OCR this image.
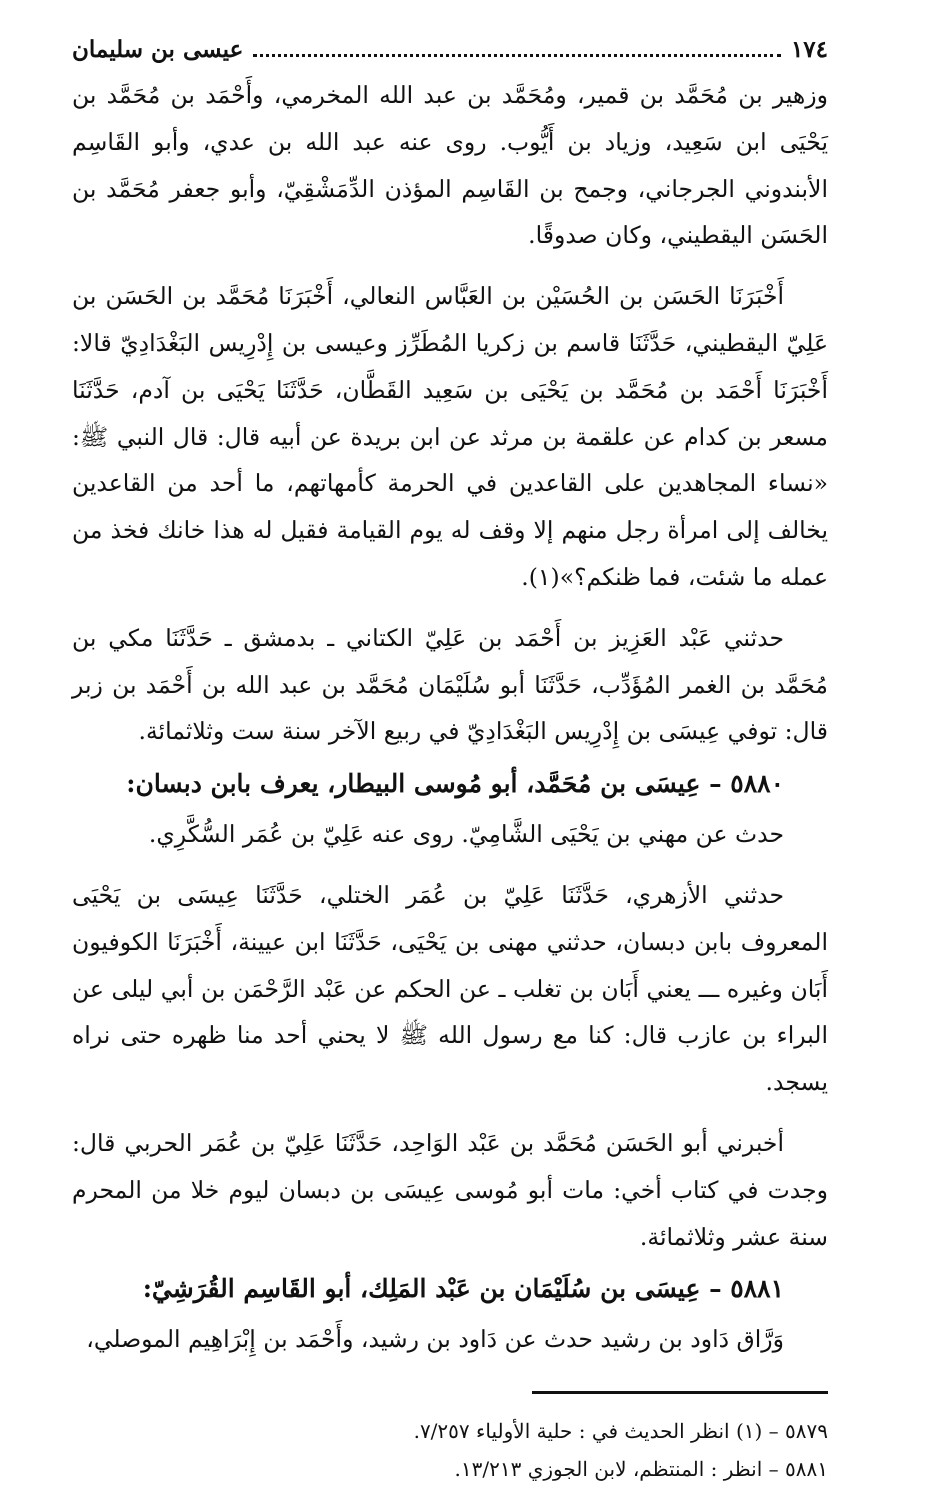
١٧٤
عيسى بن سليمان

وزهير بن مُحَمَّد بن قمير، ومُحَمَّد بن عبد الله المخرمي، وأَحْمَد بن مُحَمَّد بن يَحْيَى ابن سَعِيد، وزياد بن أَيُّوب. روى عنه عبد الله بن عدي، وأبو القَاسِم الأبندوني الجرجاني، وجمح بن القَاسِم المؤذن الدِّمَشْقِيّ، وأبو جعفر مُحَمَّد بن الحَسَن اليقطيني، وكان صدوقًا.

أَخْبَرَنَا الحَسَن بن الحُسَيْن بن العَبَّاس النعالي، أَخْبَرَنَا مُحَمَّد بن الحَسَن بن عَلِيّ اليقطيني، حَدَّثَنَا قاسم بن زكريا المُطَرِّز وعيسى بن إِدْرِيس البَغْدَادِيّ قالا: أَخْبَرَنَا أَحْمَد بن مُحَمَّد بن يَحْيَى بن سَعِيد القَطَّان، حَدَّثَنَا يَحْيَى بن آدم، حَدَّثَنَا مسعر بن كدام عن علقمة بن مرثد عن ابن بريدة عن أبيه قال: قال النبي ﷺ: «نساء المجاهدين على القاعدين في الحرمة كأمهاتهم، ما أحد من القاعدين يخالف إلى امرأة رجل منهم إلا وقف له يوم القيامة فقيل له هذا خانك فخذ من عمله ما شئت، فما ظنكم؟»(١).

حدثني عَبْد العَزِيز بن أَحْمَد بن عَلِيّ الكتاني ـ بدمشق ـ حَدَّثَنَا مكي بن مُحَمَّد بن الغمر المُؤَدِّب، حَدَّثَنَا أبو سُلَيْمَان مُحَمَّد بن عبد الله بن أَحْمَد بن زبر قال: توفي عِيسَى بن إِدْرِيس البَغْدَادِيّ في ربيع الآخر سنة ست وثلاثمائة.

٥٨٨٠ – عِيسَى بن مُحَمَّد، أبو مُوسى البيطار، يعرف بابن دبسان:

حدث عن مهني بن يَحْيَى الشَّامِيّ. روى عنه عَلِيّ بن عُمَر السُّكَّرِي.

حدثني الأزهري، حَدَّثَنَا عَلِيّ بن عُمَر الختلي، حَدَّثَنَا عِيسَى بن يَحْيَى المعروف بابن دبسان، حدثني مهنى بن يَحْيَى، حَدَّثَنَا ابن عيينة، أَخْبَرَنَا الكوفيون أَبَان وغيره ـــ يعني أَبَان بن تغلب ـ عن الحكم عن عَبْد الرَّحْمَن بن أبي ليلى عن البراء بن عازب قال: كنا مع رسول الله ﷺ لا يحني أحد منا ظهره حتى نراه يسجد.

أخبرني أبو الحَسَن مُحَمَّد بن عَبْد الوَاحِد، حَدَّثَنَا عَلِيّ بن عُمَر الحربي قال: وجدت في كتاب أخي: مات أبو مُوسى عِيسَى بن دبسان ليوم خلا من المحرم سنة عشر وثلاثمائة.

٥٨٨١ – عِيسَى بن سُلَيْمَان بن عَبْد المَلِك، أبو القَاسِم القُرَشِيّ:

وَرَّاق دَاود بن رشيد حدث عن دَاود بن رشيد، وأَحْمَد بن إِبْرَاهِيم الموصلي،

٥٨٧٩ – (١) انظر الحديث في : حلية الأولياء ٧/٢٥٧.

٥٨٨١ – انظر : المنتظم، لابن الجوزي ١٣/٢١٣.
